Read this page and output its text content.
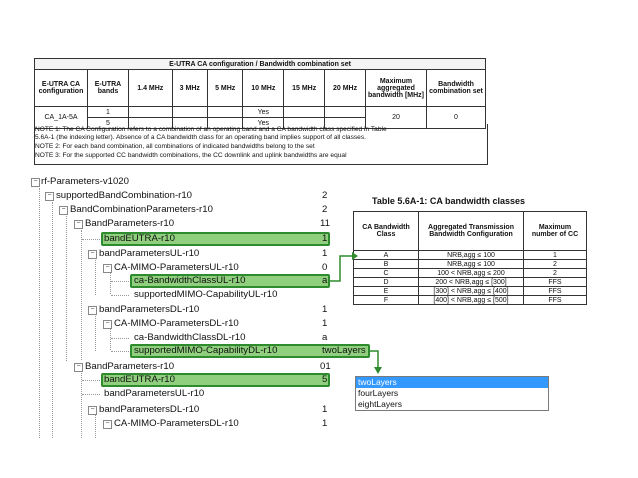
E-UTRA CA configuration / Bandwidth combination set									
E-UTRA CA configuration	E-UTRA bands	1.4 MHz	3 MHz	5 MHz	10 MHz	15 MHz	20 MHz	Maximum aggregated bandwidth [MHz]	Bandwidth combination set
CA_1A-5A	1				Yes			20	0
	5				Yes				
NOTE 1: The CA Configuration refers to a combination of an operating band and a CA bandwidth class specified in Table
5.6A-1 (the indexing letter). Absence of a CA bandwidth class for an operating band implies support of all classes.
NOTE 2: For each band combination, all combinations of indicated bandwidths belong to the set
NOTE 3: For the supported CC bandwidth combinations, the CC downlink and uplink bandwidths are equal
− rf-Parameters-v1020
− supportedBandCombination-r10	2
− BandCombinationParameters-r10	2
− BandParameters-r10	11
bandEUTRA-r10	1
− bandParametersUL-r10	1
− CA-MIMO-ParametersUL-r10	0
ca-BandwidthClassUL-r10	a
supportedMIMO-CapabilityUL-r10
− bandParametersDL-r10	1
− CA-MIMO-ParametersDL-r10	1
ca-BandwidthClassDL-r10	a
supportedMIMO-CapabilityDL-r10	twoLayers
− BandParameters-r10	01
bandEUTRA-r10	5
bandParametersUL-r10
− bandParametersDL-r10	1
− CA-MIMO-ParametersDL-r10	1
Table 5.6A-1: CA bandwidth classes
CA Bandwidth Class	Aggregated Transmission Bandwidth Configuration	Maximum number of CC
A	NRB,agg ≤ 100	1
B	NRB,agg ≤ 100	2
C	100 < NRB,agg ≤ 200	2
D	200 < NRB,agg ≤ [300]	FFS
E	[300] < NRB,agg ≤ [400]	FFS
F	[400] < NRB,agg ≤ [500]	FFS
twoLayers
fourLayers
eightLayers
